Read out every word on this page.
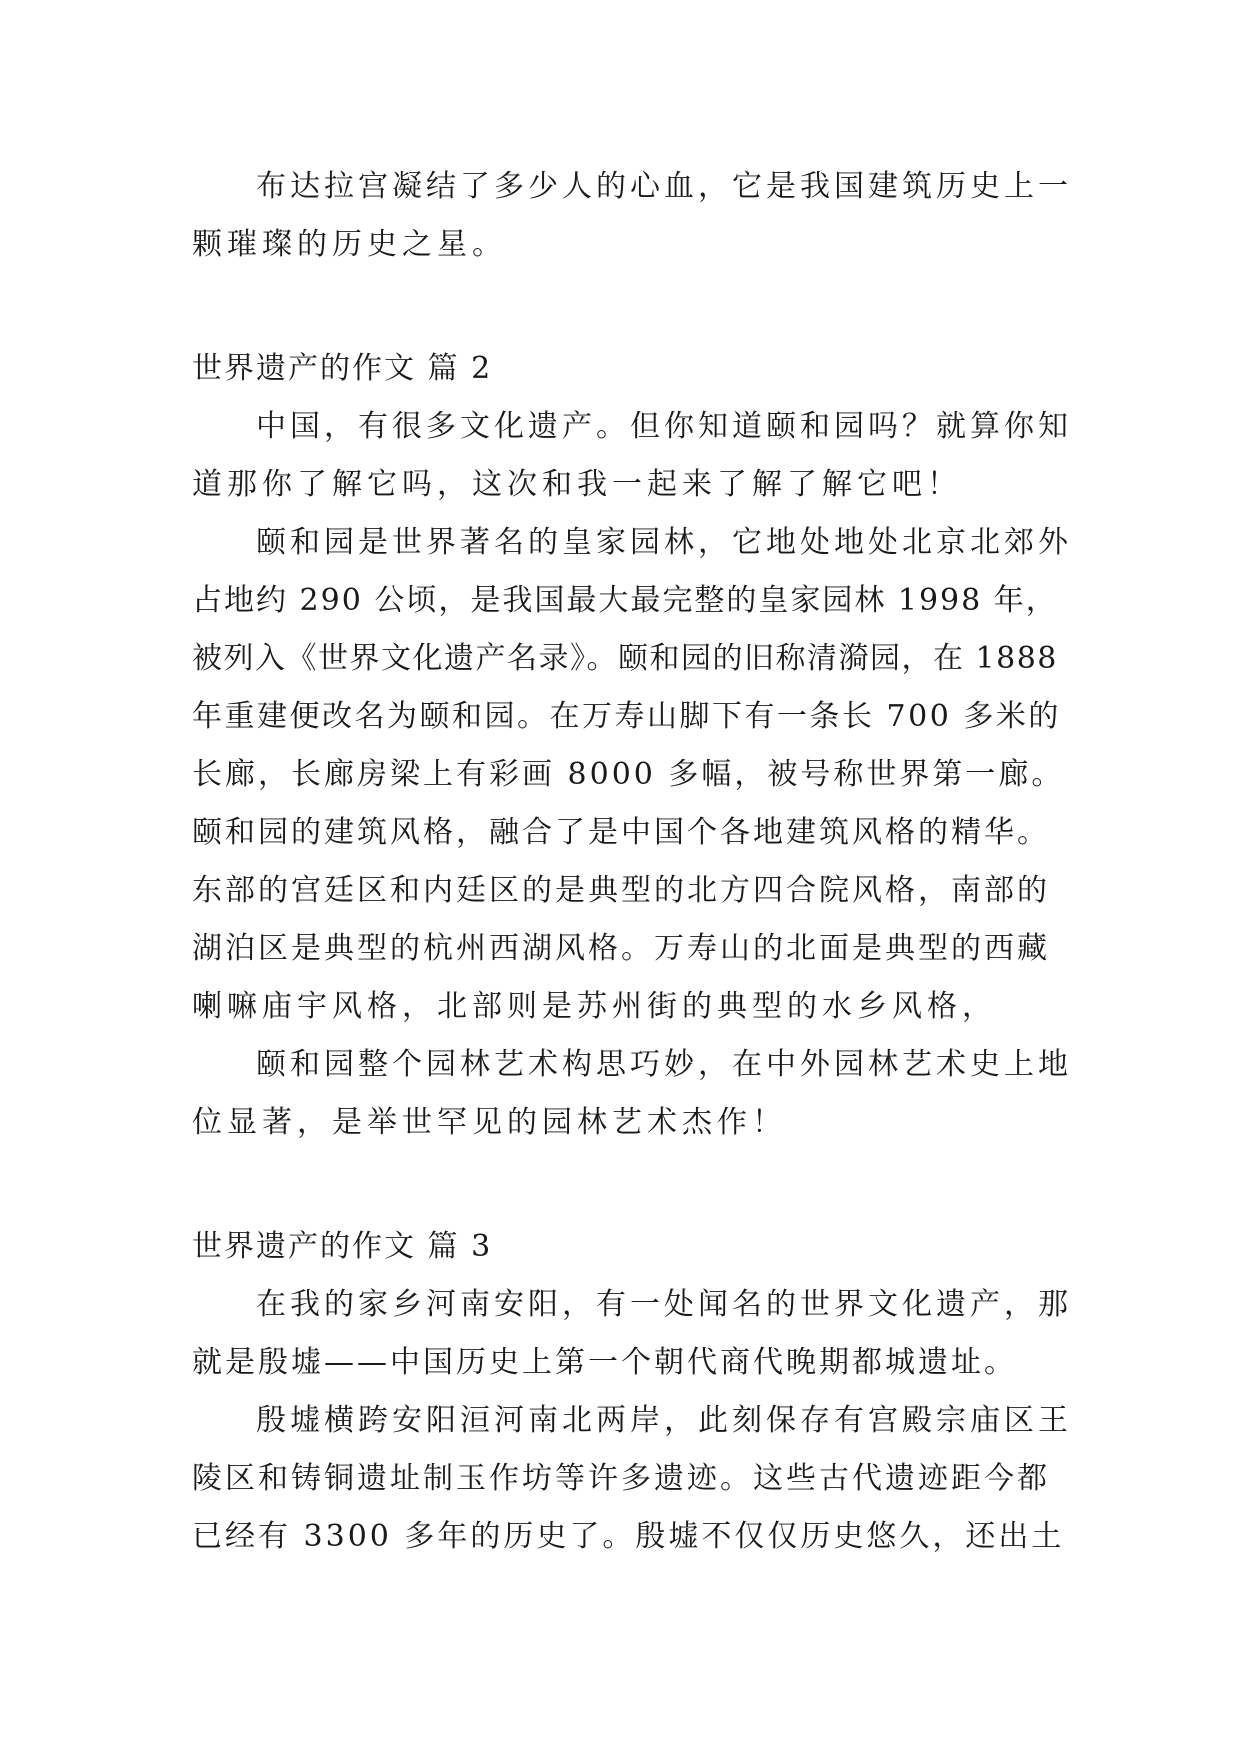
布达拉宫凝结了多少人的心血，它是我国建筑历史上一
颗璀璨的历史之星。
世界遗产的作文 篇 2
中国，有很多文化遗产。但你知道颐和园吗？就算你知
道那你了解它吗，这次和我一起来了解了解它吧！
颐和园是世界著名的皇家园林，它地处地处北京北郊外
占地约 290 公顷，是我国最大最完整的皇家园林 1998 年，
被列入《世界文化遗产名录》。颐和园的旧称清漪园，在 1888
年重建便改名为颐和园。在万寿山脚下有一条长 700 多米的
长廊，长廊房梁上有彩画 8000 多幅，被号称世界第一廊。
颐和园的建筑风格，融合了是中国个各地建筑风格的精华。
东部的宫廷区和内廷区的是典型的北方四合院风格，南部的
湖泊区是典型的杭州西湖风格。万寿山的北面是典型的西藏
喇嘛庙宇风格，北部则是苏州街的典型的水乡风格，
颐和园整个园林艺术构思巧妙，在中外园林艺术史上地
位显著，是举世罕见的园林艺术杰作！
世界遗产的作文 篇 3
在我的家乡河南安阳，有一处闻名的世界文化遗产，那
就是殷墟——中国历史上第一个朝代商代晚期都城遗址。
殷墟横跨安阳洹河南北两岸，此刻保存有宫殿宗庙区王
陵区和铸铜遗址制玉作坊等许多遗迹。这些古代遗迹距今都
已经有 3300 多年的历史了。殷墟不仅仅历史悠久，还出土
